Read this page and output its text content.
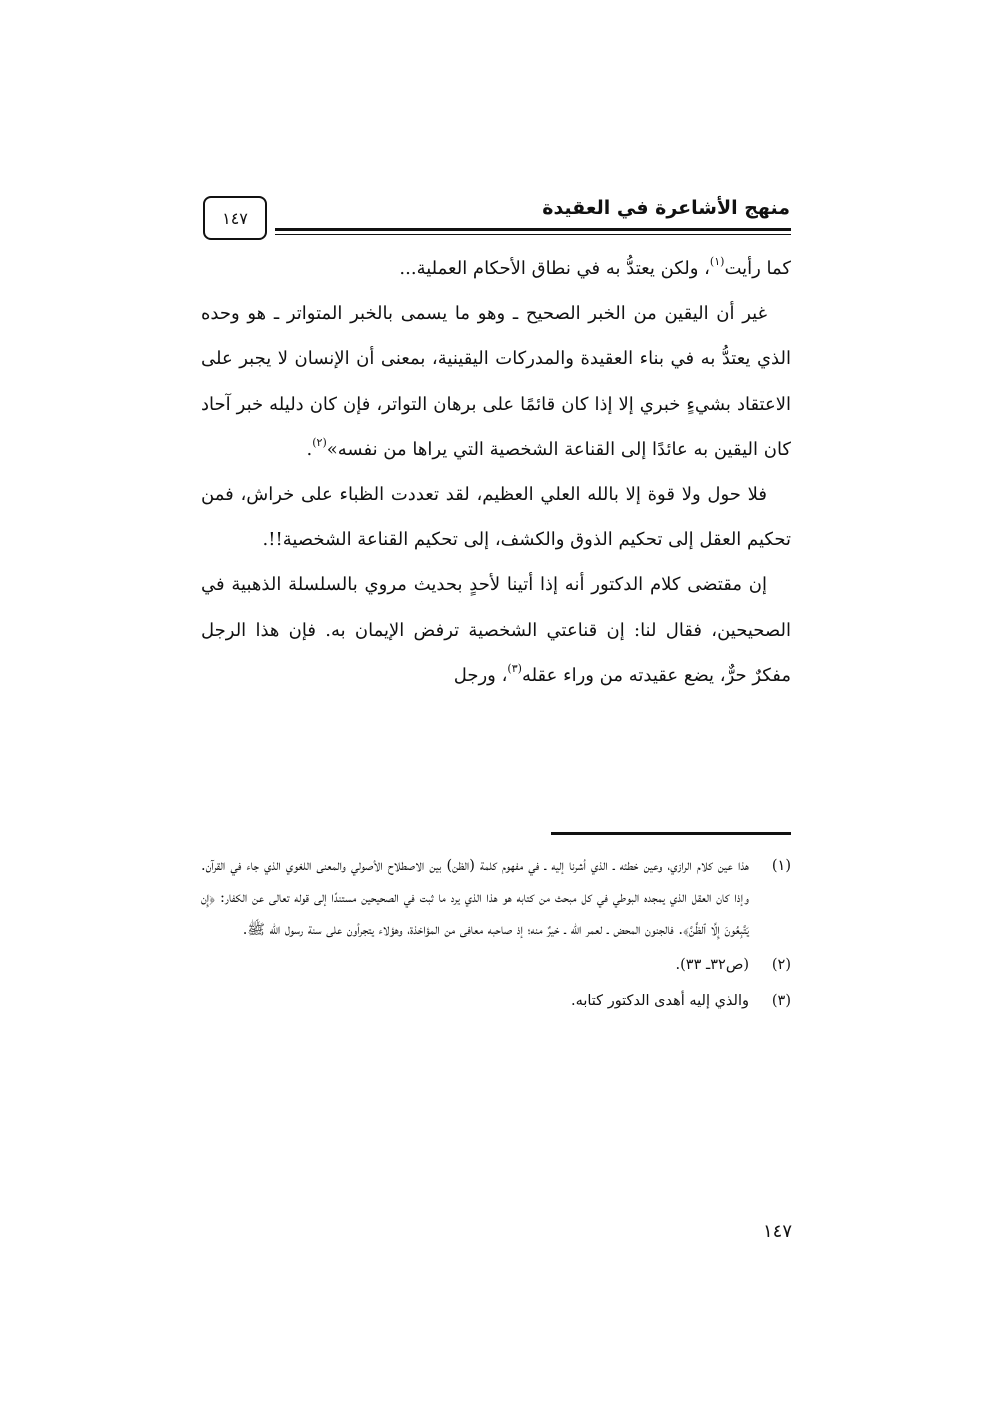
منهج الأشاعرة في العقيدة
١٤٧

كما رأيت$^{(١)}$، ولكن يعتدُّ به في نطاق الأحكام العملية...

غير أن اليقين من الخبر الصحيح ـ وهو ما يسمى بالخبر المتواتر ـ هو وحده الذي يعتدُّ به في بناء العقيدة والمدركات اليقينية، بمعنى أن الإنسان لا يجبر على الاعتقاد بشيءٍ خبري إلا إذا كان قائمًا على برهان التواتر، فإن كان دليله خبر آحاد كان اليقين به عائدًا إلى القناعة الشخصية التي يراها من نفسه»$^{(٢)}$.

فلا حول ولا قوة إلا بالله العلي العظيم، لقد تعددت الظباء على خراش، فمن تحكيم العقل إلى تحكيم الذوق والكشف، إلى تحكيم القناعة الشخصية!!.

إن مقتضى كلام الدكتور أنه إذا أتينا لأحدٍ بحديث مروي بالسلسلة الذهبية في الصحيحين، فقال لنا: إن قناعتي الشخصية ترفض الإيمان به. فإن هذا الرجل مفكرٌ حرٌّ، يضع عقيدته من وراء عقله$^{(٣)}$، ورجل

(١)
هذا عين كلام الرازي، وعين خطئه ـ الذي أشرنا إليه ـ في مفهوم كلمة (الظن) بين الاصطلاح الأصولي والمعنى اللغوي الذي جاء في القرآن. وإذا كان العقل الذي يمجده البوطي في كل مبحث من كتابه هو هذا الذي يرد ما ثبت في الصحيحين مستندًا إلى قوله تعالى عن الكفار: ﴿إِن يَتَّبِعُونَ إِلَّا ٱلظَّنَّ﴾. فالجنون المحض ـ لعمر الله ـ خيرٌ منه؛ إذ صاحبه معافى من المؤاخذة، وهؤلاء يتجرأون على سنة رسول الله ﷺ.
(٢)
(ص٣٢ـ ٣٣).
(٣)
والذي إليه أهدى الدكتور كتابه.
١٤٧
